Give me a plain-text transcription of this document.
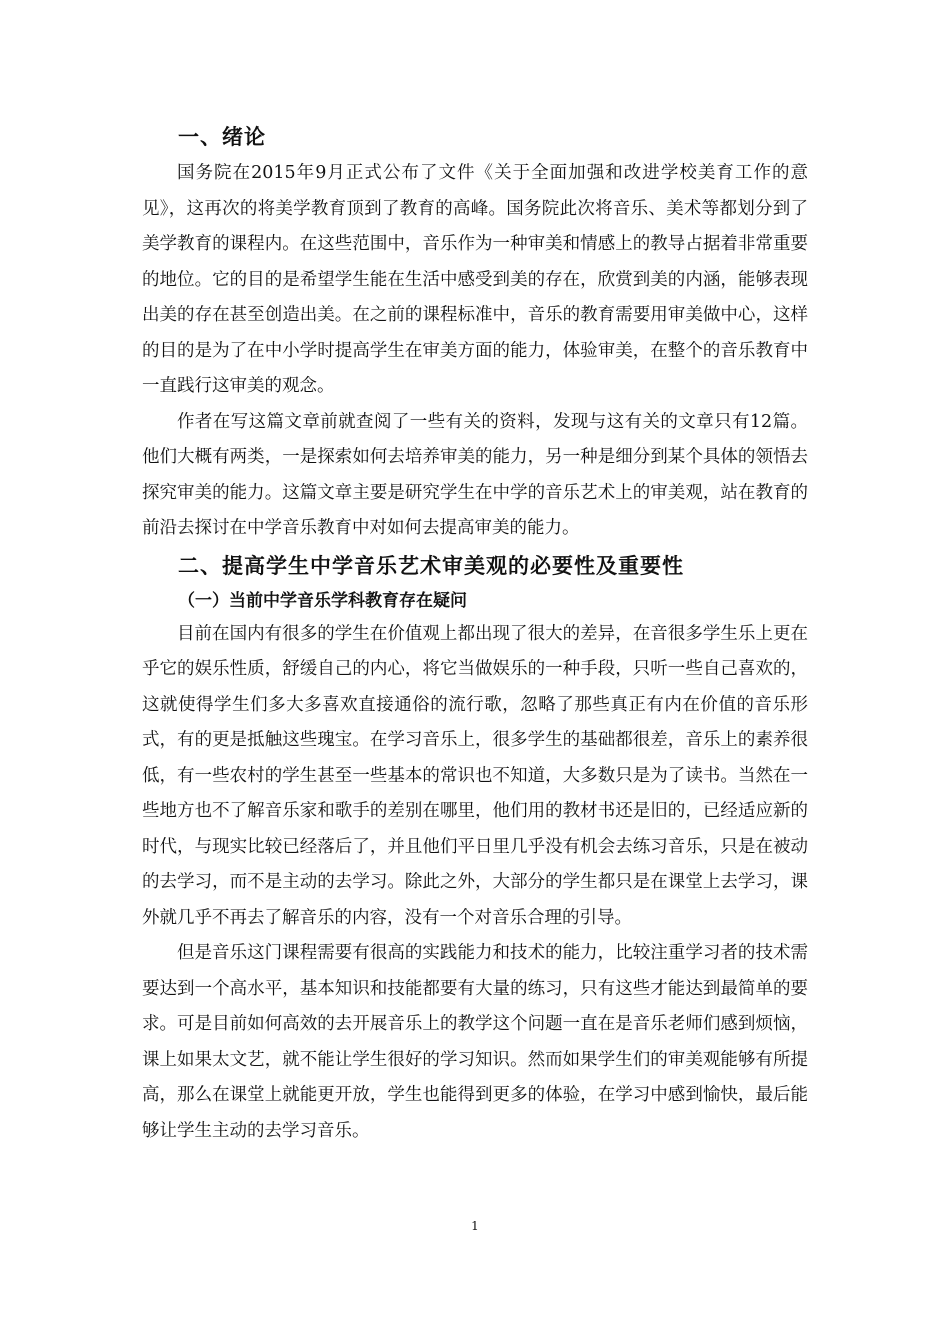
一、绪论

国务院在2015年9月正式公布了文件《关于全面加强和改进学校美育工作的意见》，这再次的将美学教育顶到了教育的高峰。国务院此次将音乐、美术等都划分到了美学教育的课程内。在这些范围中，音乐作为一种审美和情感上的教导占据着非常重要的地位。它的目的是希望学生能在生活中感受到美的存在，欣赏到美的内涵，能够表现出美的存在甚至创造出美。在之前的课程标准中，音乐的教育需要用审美做中心，这样的目的是为了在中小学时提高学生在审美方面的能力，体验审美，在整个的音乐教育中一直践行这审美的观念。

作者在写这篇文章前就查阅了一些有关的资料，发现与这有关的文章只有12篇。他们大概有两类，一是探索如何去培养审美的能力，另一种是细分到某个具体的领悟去探究审美的能力。这篇文章主要是研究学生在中学的音乐艺术上的审美观，站在教育的前沿去探讨在中学音乐教育中对如何去提高审美的能力。

二、提高学生中学音乐艺术审美观的必要性及重要性
（一）当前中学音乐学科教育存在疑问

目前在国内有很多的学生在价值观上都出现了很大的差异，在音很多学生乐上更在乎它的娱乐性质，舒缓自己的内心，将它当做娱乐的一种手段，只听一些自己喜欢的，这就使得学生们多大多喜欢直接通俗的流行歌，忽略了那些真正有内在价值的音乐形式，有的更是抵触这些瑰宝。在学习音乐上，很多学生的基础都很差，音乐上的素养很低，有一些农村的学生甚至一些基本的常识也不知道，大多数只是为了读书。当然在一些地方也不了解音乐家和歌手的差别在哪里，他们用的教材书还是旧的，已经适应新的时代，与现实比较已经落后了，并且他们平日里几乎没有机会去练习音乐，只是在被动的去学习，而不是主动的去学习。除此之外，大部分的学生都只是在课堂上去学习，课外就几乎不再去了解音乐的内容，没有一个对音乐合理的引导。

但是音乐这门课程需要有很高的实践能力和技术的能力，比较注重学习者的技术需要达到一个高水平，基本知识和技能都要有大量的练习，只有这些才能达到最简单的要求。可是目前如何高效的去开展音乐上的教学这个问题一直在是音乐老师们感到烦恼，课上如果太文艺，就不能让学生很好的学习知识。然而如果学生们的审美观能够有所提高，那么在课堂上就能更开放，学生也能得到更多的体验，在学习中感到愉快，最后能够让学生主动的去学习音乐。

1
